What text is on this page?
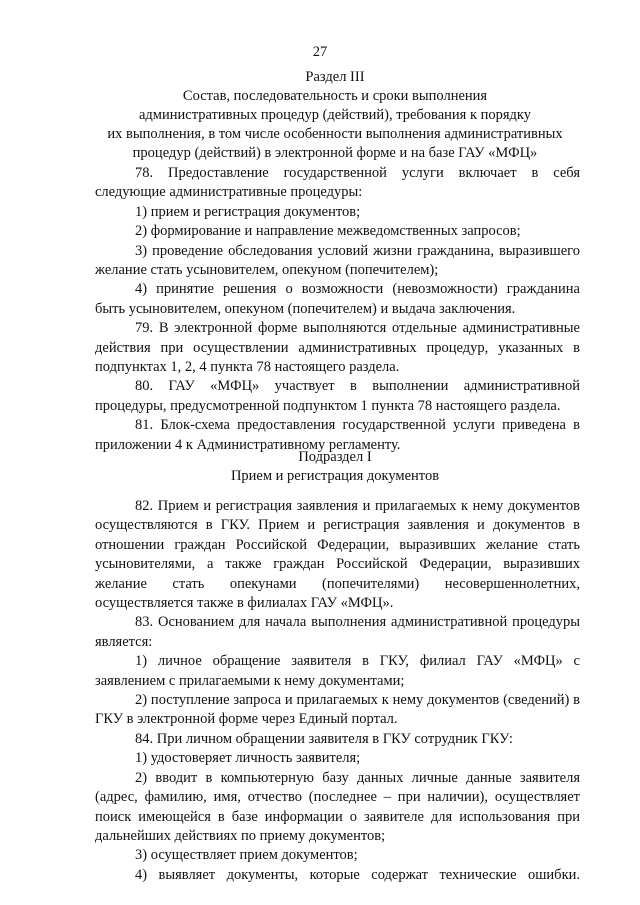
27
Раздел III
Состав, последовательность и сроки выполнения
административных процедур (действий), требования к порядку
их выполнения, в том числе особенности выполнения административных
процедур (действий) в электронной форме и на базе ГАУ «МФЦ»

78. Предоставление государственной услуги включает в себя следующие административные процедуры:

1) прием и регистрация документов;

2) формирование и направление межведомственных запросов;

3) проведение обследования условий жизни гражданина, выразившего желание стать усыновителем, опекуном (попечителем);

4) принятие решения о возможности (невозможности) гражданина быть усыновителем, опекуном (попечителем) и выдача заключения.

79. В электронной форме выполняются отдельные административные действия при осуществлении административных процедур, указанных в подпунктах 1, 2, 4 пункта 78 настоящего раздела.

80. ГАУ «МФЦ» участвует в выполнении административной процедуры, предусмотренной подпунктом 1 пункта 78 настоящего раздела.

81. Блок-схема предоставления государственной услуги приведена в приложении 4 к Административному регламенту.

Подраздел I
Прием и регистрация документов

82. Прием и регистрация заявления и прилагаемых к нему документов осуществляются в ГКУ. Прием и регистрация заявления и документов в отношении граждан Российской Федерации, выразивших желание стать усыновителями, а также граждан Российской Федерации, выразивших желание стать опекунами (попечителями) несовершеннолетних, осуществляется также в филиалах ГАУ «МФЦ».

83. Основанием для начала выполнения административной процедуры является:

1) личное обращение заявителя в ГКУ, филиал ГАУ «МФЦ» с заявлением с прилагаемыми к нему документами;

2) поступление запроса и прилагаемых к нему документов (сведений) в ГКУ в электронной форме через Единый портал.

84. При личном обращении заявителя в ГКУ сотрудник ГКУ:

1) удостоверяет личность заявителя;

2) вводит в компьютерную базу данных личные данные заявителя (адрес, фамилию, имя, отчество (последнее – при наличии), осуществляет поиск имеющейся в базе информации о заявителе для использования при дальнейших действиях по приему документов;

3) осуществляет прием документов;

4) выявляет документы, которые содержат технические ошибки.
